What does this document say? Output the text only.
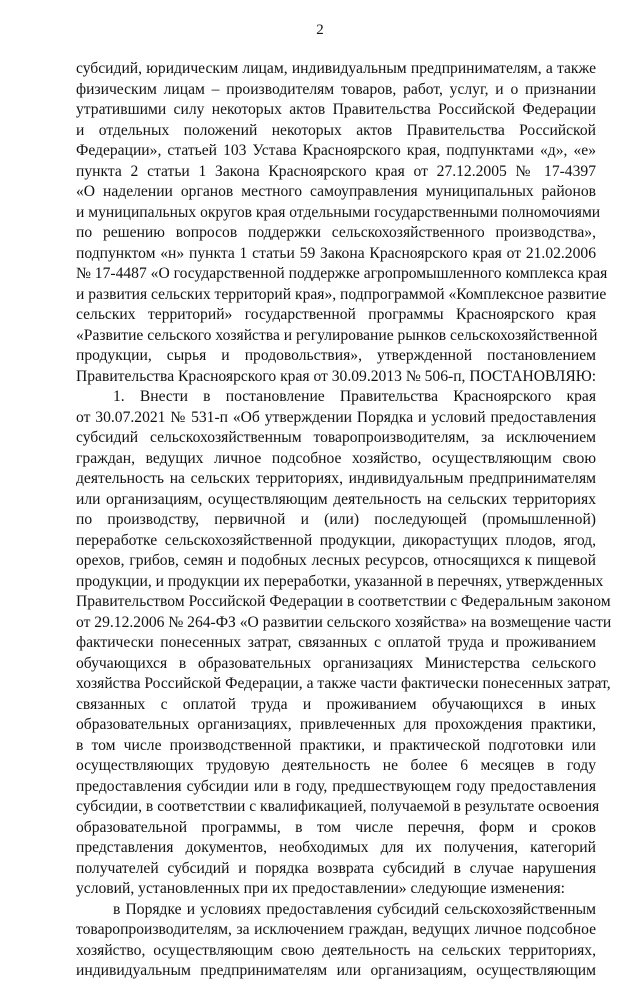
2
субсидий, юридическим лицам, индивидуальным предпринимателям, а также
физическим лицам – производителям товаров, работ, услуг, и о признании
утратившими силу некоторых актов Правительства Российской Федерации
и отдельных положений некоторых актов Правительства Российской
Федерации», статьей 103 Устава Красноярского края, подпунктами «д», «е»
пункта 2 статьи 1 Закона Красноярского края от 27.12.2005 № 17-4397
«О наделении органов местного самоуправления муниципальных районов
и муниципальных округов края отдельными государственными полномочиями
по решению вопросов поддержки сельскохозяйственного производства»,
подпунктом «н» пункта 1 статьи 59 Закона Красноярского края от 21.02.2006
№ 17-4487 «О государственной поддержке агропромышленного комплекса края
и развития сельских территорий края», подпрограммой «Комплексное развитие
сельских территорий» государственной программы Красноярского края
«Развитие сельского хозяйства и регулирование рынков сельскохозяйственной
продукции, сырья и продовольствия», утвержденной постановлением
Правительства Красноярского края от 30.09.2013 № 506-п, ПОСТАНОВЛЯЮ:
1. Внести в постановление Правительства Красноярского края
от 30.07.2021 № 531-п «Об утверждении Порядка и условий предоставления
субсидий сельскохозяйственным товаропроизводителям, за исключением
граждан, ведущих личное подсобное хозяйство, осуществляющим свою
деятельность на сельских территориях, индивидуальным предпринимателям
или организациям, осуществляющим деятельность на сельских территориях
по производству, первичной и (или) последующей (промышленной)
переработке сельскохозяйственной продукции, дикорастущих плодов, ягод,
орехов, грибов, семян и подобных лесных ресурсов, относящихся к пищевой
продукции, и продукции их переработки, указанной в перечнях, утвержденных
Правительством Российской Федерации в соответствии с Федеральным законом
от 29.12.2006 № 264-ФЗ «О развитии сельского хозяйства» на возмещение части
фактически понесенных затрат, связанных с оплатой труда и проживанием
обучающихся в образовательных организациях Министерства сельского
хозяйства Российской Федерации, а также части фактически понесенных затрат,
связанных с оплатой труда и проживанием обучающихся в иных
образовательных организациях, привлеченных для прохождения практики,
в том числе производственной практики, и практической подготовки или
осуществляющих трудовую деятельность не более 6 месяцев в году
предоставления субсидии или в году, предшествующем году предоставления
субсидии, в соответствии с квалификацией, получаемой в результате освоения
образовательной программы, в том числе перечня, форм и сроков
представления документов, необходимых для их получения, категорий
получателей субсидий и порядка возврата субсидий в случае нарушения
условий, установленных при их предоставлении» следующие изменения:
в Порядке и условиях предоставления субсидий сельскохозяйственным
товаропроизводителям, за исключением граждан, ведущих личное подсобное
хозяйство, осуществляющим свою деятельность на сельских территориях,
индивидуальным предпринимателям или организациям, осуществляющим
